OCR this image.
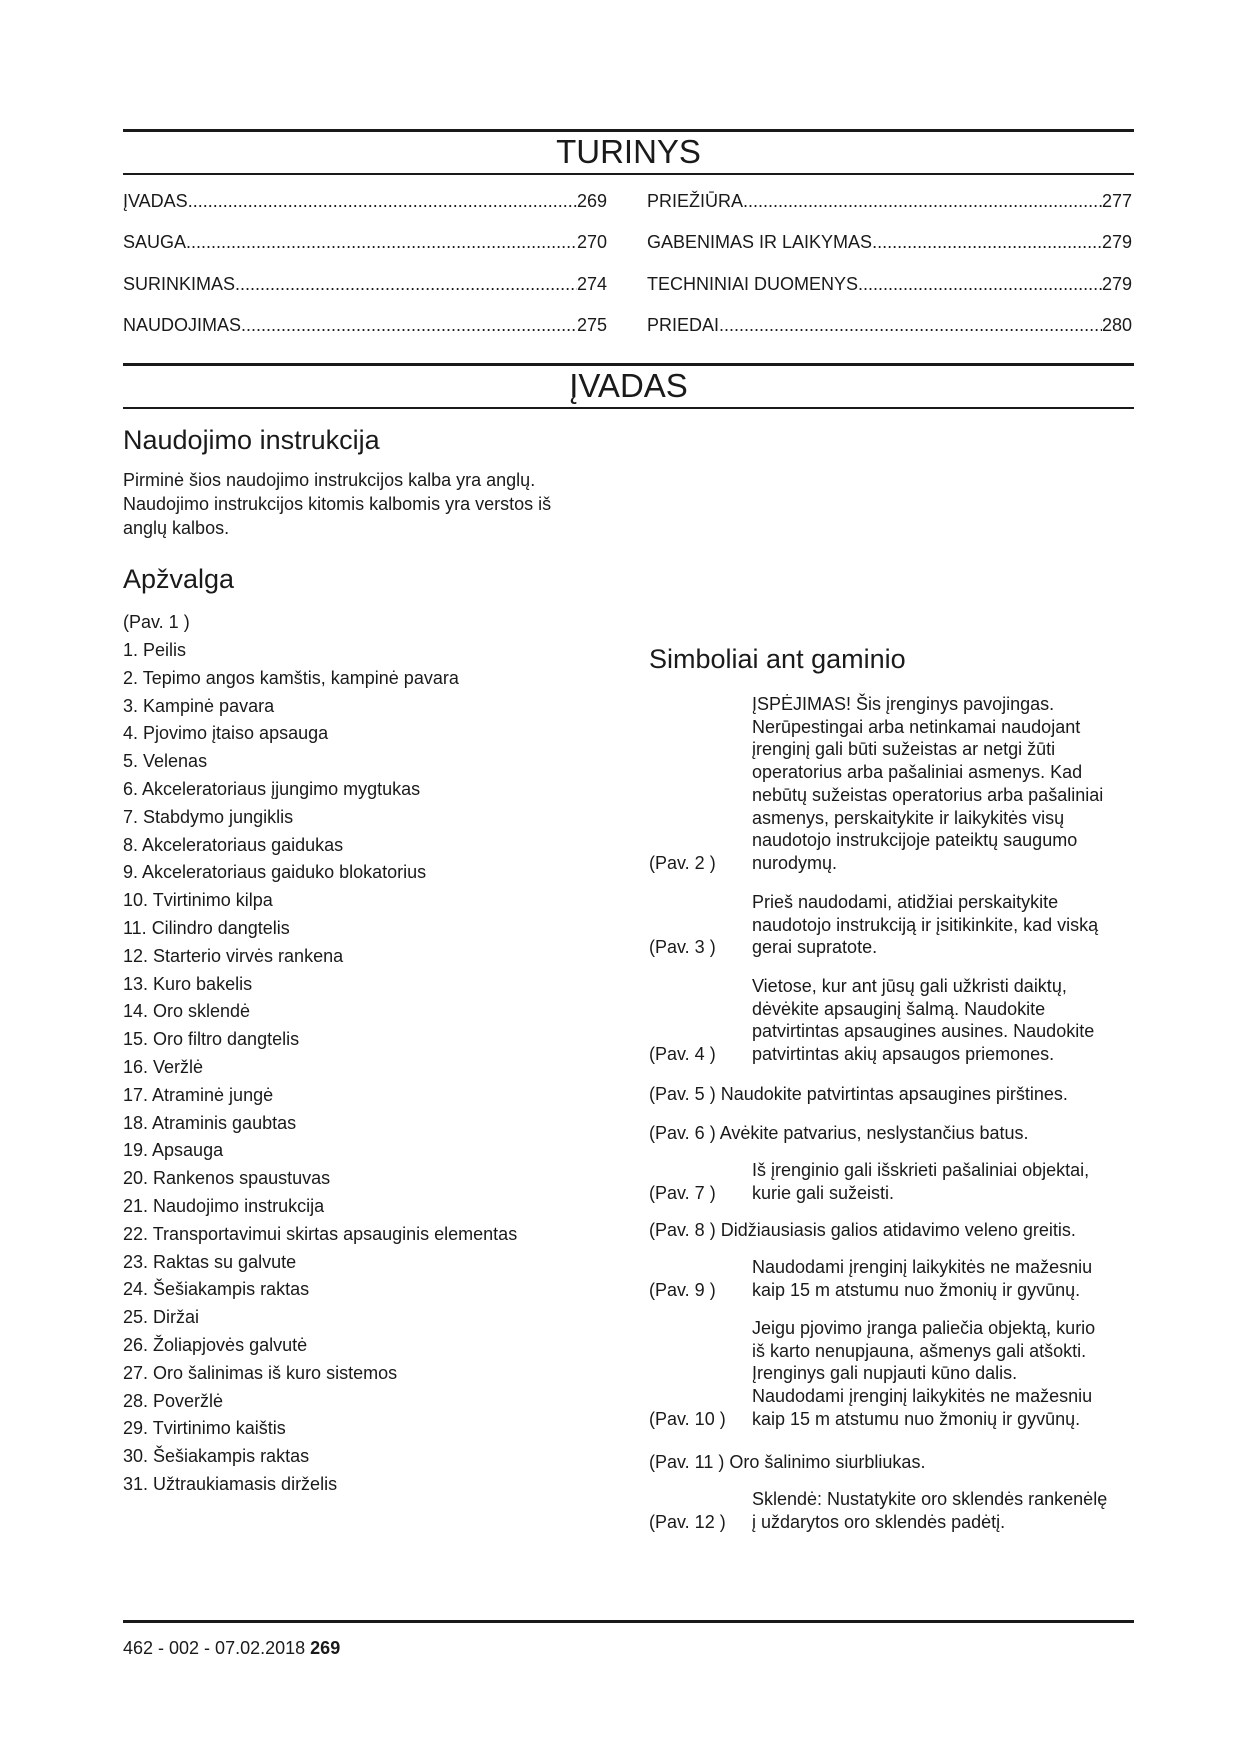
TURINYS
ĮVADAS .....	269
SAUGA .....	270
SURINKIMAS .....	274
NAUDOJIMAS .....	275
PRIEŽIŪRA .....	277
GABENIMAS IR LAIKYMAS .....	279
TECHNINIAI DUOMENYS .....	279
PRIEDAI .....	280
ĮVADAS
Naudojimo instrukcija
Pirminė šios naudojimo instrukcijos kalba yra anglų.
Naudojimo instrukcijos kitomis kalbomis yra verstos iš
anglų kalbos.
Apžvalga
(Pav. 1 )
1. Peilis
2. Tepimo angos kamštis, kampinė pavara
3. Kampinė pavara
4. Pjovimo įtaiso apsauga
5. Velenas
6. Akceleratoriaus įjungimo mygtukas
7. Stabdymo jungiklis
8. Akceleratoriaus gaidukas
9. Akceleratoriaus gaiduko blokatorius
10. Tvirtinimo kilpa
11. Cilindro dangtelis
12. Starterio virvės rankena
13. Kuro bakelis
14. Oro sklendė
15. Oro filtro dangtelis
16. Veržlė
17. Atraminė jungė
18. Atraminis gaubtas
19. Apsauga
20. Rankenos spaustuvas
21. Naudojimo instrukcija
22. Transportavimui skirtas apsauginis elementas
23. Raktas su galvute
24. Šešiakampis raktas
25. Diržai
26. Žoliapjovės galvutė
27. Oro šalinimas iš kuro sistemos
28. Poveržlė
29. Tvirtinimo kaištis
30. Šešiakampis raktas
31. Užtraukiamasis dirželis
Simboliai ant gaminio
(Pav. 2 )
ĮSPĖJIMAS! Šis įrenginys pavojingas.
Nerūpestingai arba netinkamai naudojant
įrenginį gali būti sužeistas ar netgi žūti
operatorius arba pašaliniai asmenys. Kad
nebūtų sužeistas operatorius arba pašaliniai
asmenys, perskaitykite ir laikykitės visų
naudotojo instrukcijoje pateiktų saugumo
nurodymų.
(Pav. 3 )
Prieš naudodami, atidžiai perskaitykite
naudotojo instrukciją ir įsitikinkite, kad viską
gerai supratote.
(Pav. 4 )
Vietose, kur ant jūsų gali užkristi daiktų,
dėvėkite apsauginį šalmą. Naudokite
patvirtintas apsaugines ausines. Naudokite
patvirtintas akių apsaugos priemones.
(Pav. 5 ) Naudokite patvirtintas apsaugines pirštines.
(Pav. 6 ) Avėkite patvarius, neslystančius batus.
(Pav. 7 )
Iš įrenginio gali išskrieti pašaliniai objektai,
kurie gali sužeisti.
(Pav. 8 ) Didžiausiasis galios atidavimo veleno greitis.
(Pav. 9 )
Naudodami įrenginį laikykitės ne mažesniu
kaip 15 m atstumu nuo žmonių ir gyvūnų.
(Pav. 10 )
Jeigu pjovimo įranga paliečia objektą, kurio
iš karto nenupjauna, ašmenys gali atšokti.
Įrenginys gali nupjauti kūno dalis.
Naudodami įrenginį laikykitės ne mažesniu
kaip 15 m atstumu nuo žmonių ir gyvūnų.
(Pav. 11 ) Oro šalinimo siurbliukas.
(Pav. 12 )
Sklendė: Nustatykite oro sklendės rankenėlę
į uždarytos oro sklendės padėtį.
462 - 002 - 07.02.2018 269
